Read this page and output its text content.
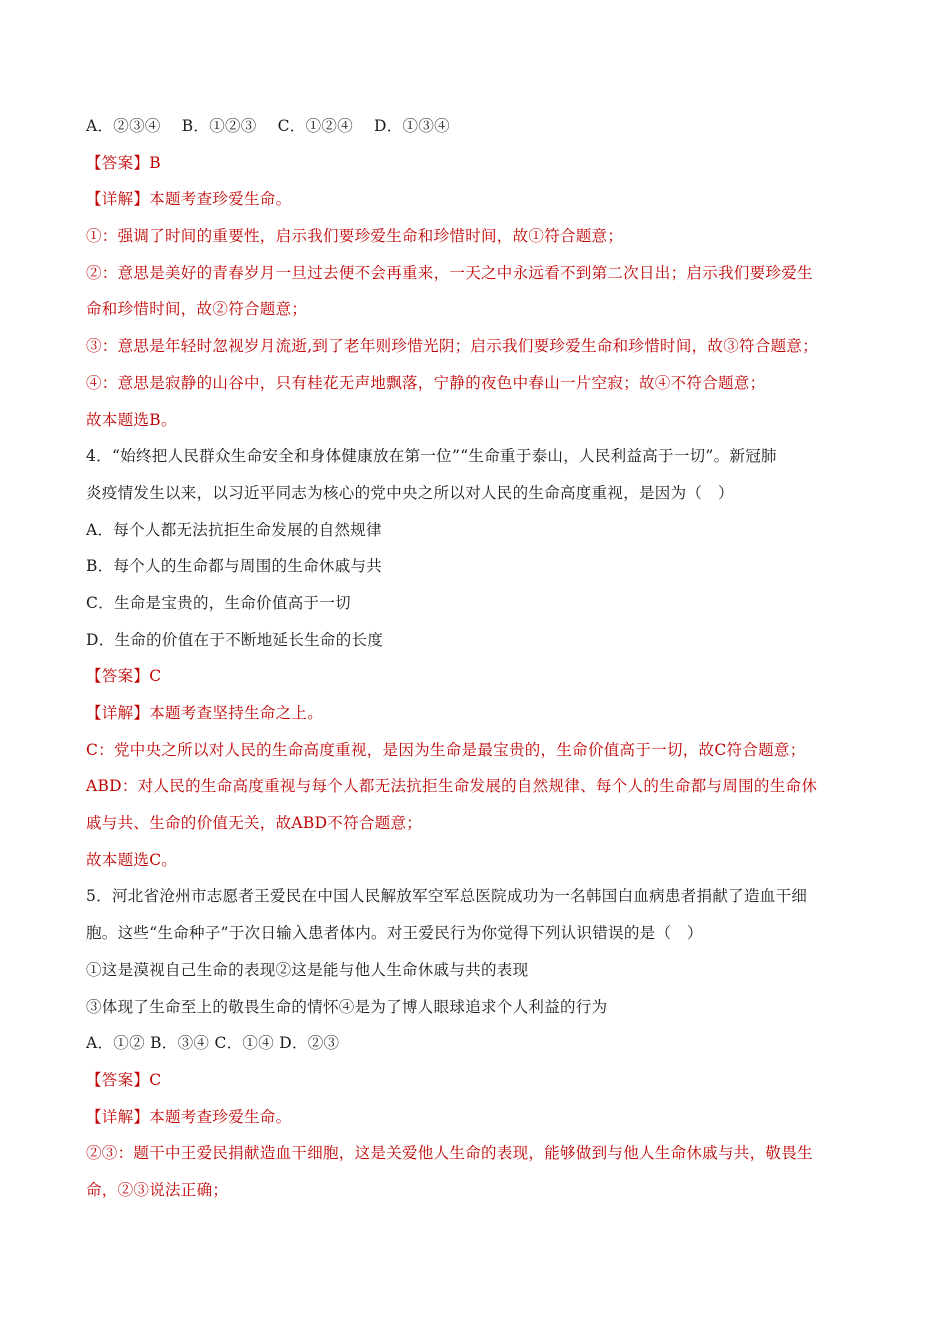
A．②③④　 B．①②③　 C．①②④　 D．①③④
【答案】B
【详解】本题考查珍爱生命。
①：强调了时间的重要性，启示我们要珍爱生命和珍惜时间，故①符合题意；
②：意思是美好的青春岁月一旦过去便不会再重来，一天之中永远看不到第二次日出；启示我们要珍爱生
命和珍惜时间，故②符合题意；
③：意思是年轻时忽视岁月流逝,到了老年则珍惜光阴；启示我们要珍爱生命和珍惜时间，故③符合题意；
④：意思是寂静的山谷中，只有桂花无声地飘落，宁静的夜色中春山一片空寂；故④不符合题意；
故本题选B。
4．“始终把人民群众生命安全和身体健康放在第一位”“生命重于泰山，人民利益高于一切”。新冠肺
炎疫情发生以来，以习近平同志为核心的党中央之所以对人民的生命高度重视，是因为（　）
A．每个人都无法抗拒生命发展的自然规律
B．每个人的生命都与周围的生命休戚与共
C．生命是宝贵的，生命价值高于一切
D．生命的价值在于不断地延长生命的长度
【答案】C
【详解】本题考查坚持生命之上。
C：党中央之所以对人民的生命高度重视，是因为生命是最宝贵的，生命价值高于一切，故C符合题意；
ABD：对人民的生命高度重视与每个人都无法抗拒生命发展的自然规律、每个人的生命都与周围的生命休
戚与共、生命的价值无关，故ABD不符合题意；
故本题选C。
5．河北省沧州市志愿者王爱民在中国人民解放军空军总医院成功为一名韩国白血病患者捐献了造血干细
胞。这些“生命种子”于次日输入患者体内。对王爱民行为你觉得下列认识错误的是（　）
①这是漠视自己生命的表现②这是能与他人生命休戚与共的表现
③体现了生命至上的敬畏生命的情怀④是为了博人眼球追求个人利益的行为
A．①② B．③④ C．①④ D．②③
【答案】C
【详解】本题考查珍爱生命。
②③：题干中王爱民捐献造血干细胞，这是关爱他人生命的表现，能够做到与他人生命休戚与共，敬畏生
命，②③说法正确；
